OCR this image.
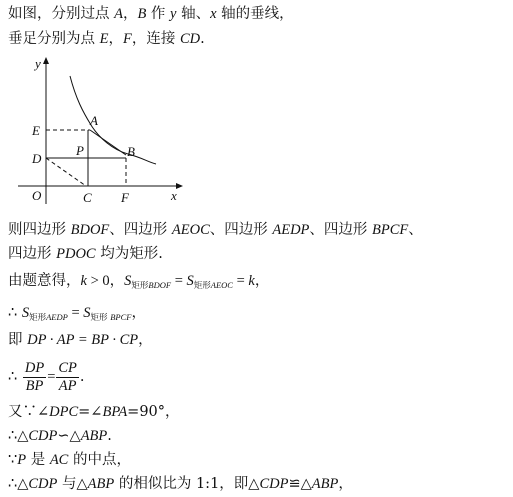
如图，分别过点 A，B 作 y 轴、x 轴的垂线，
垂足分别为点 E，F，连接 CD.
y
x
O
E
D
A
P	B
C F
则四边形 BDOF、四边形 AEOC、四边形 AEDP、四边形 BPCF、
四边形 PDOC 均为矩形.
由题意得，k > 0，$S_{矩形BDOF} = S_{矩形AEOC} = k$，
∴ $S_{矩形AEDP} = S_{矩形 BPCF}$，
即 DP · AP = BP · CP，
∴ $\frac{DP}{BP} = \frac{CP}{AP}$ .
又∵∠DPC=∠BPA=90°，
∴△CDP∽△ABP.
∵P 是 AC 的中点，
∴△CDP 与△ABP 的相似比为 1:1，即△CDP≌△ABP，
